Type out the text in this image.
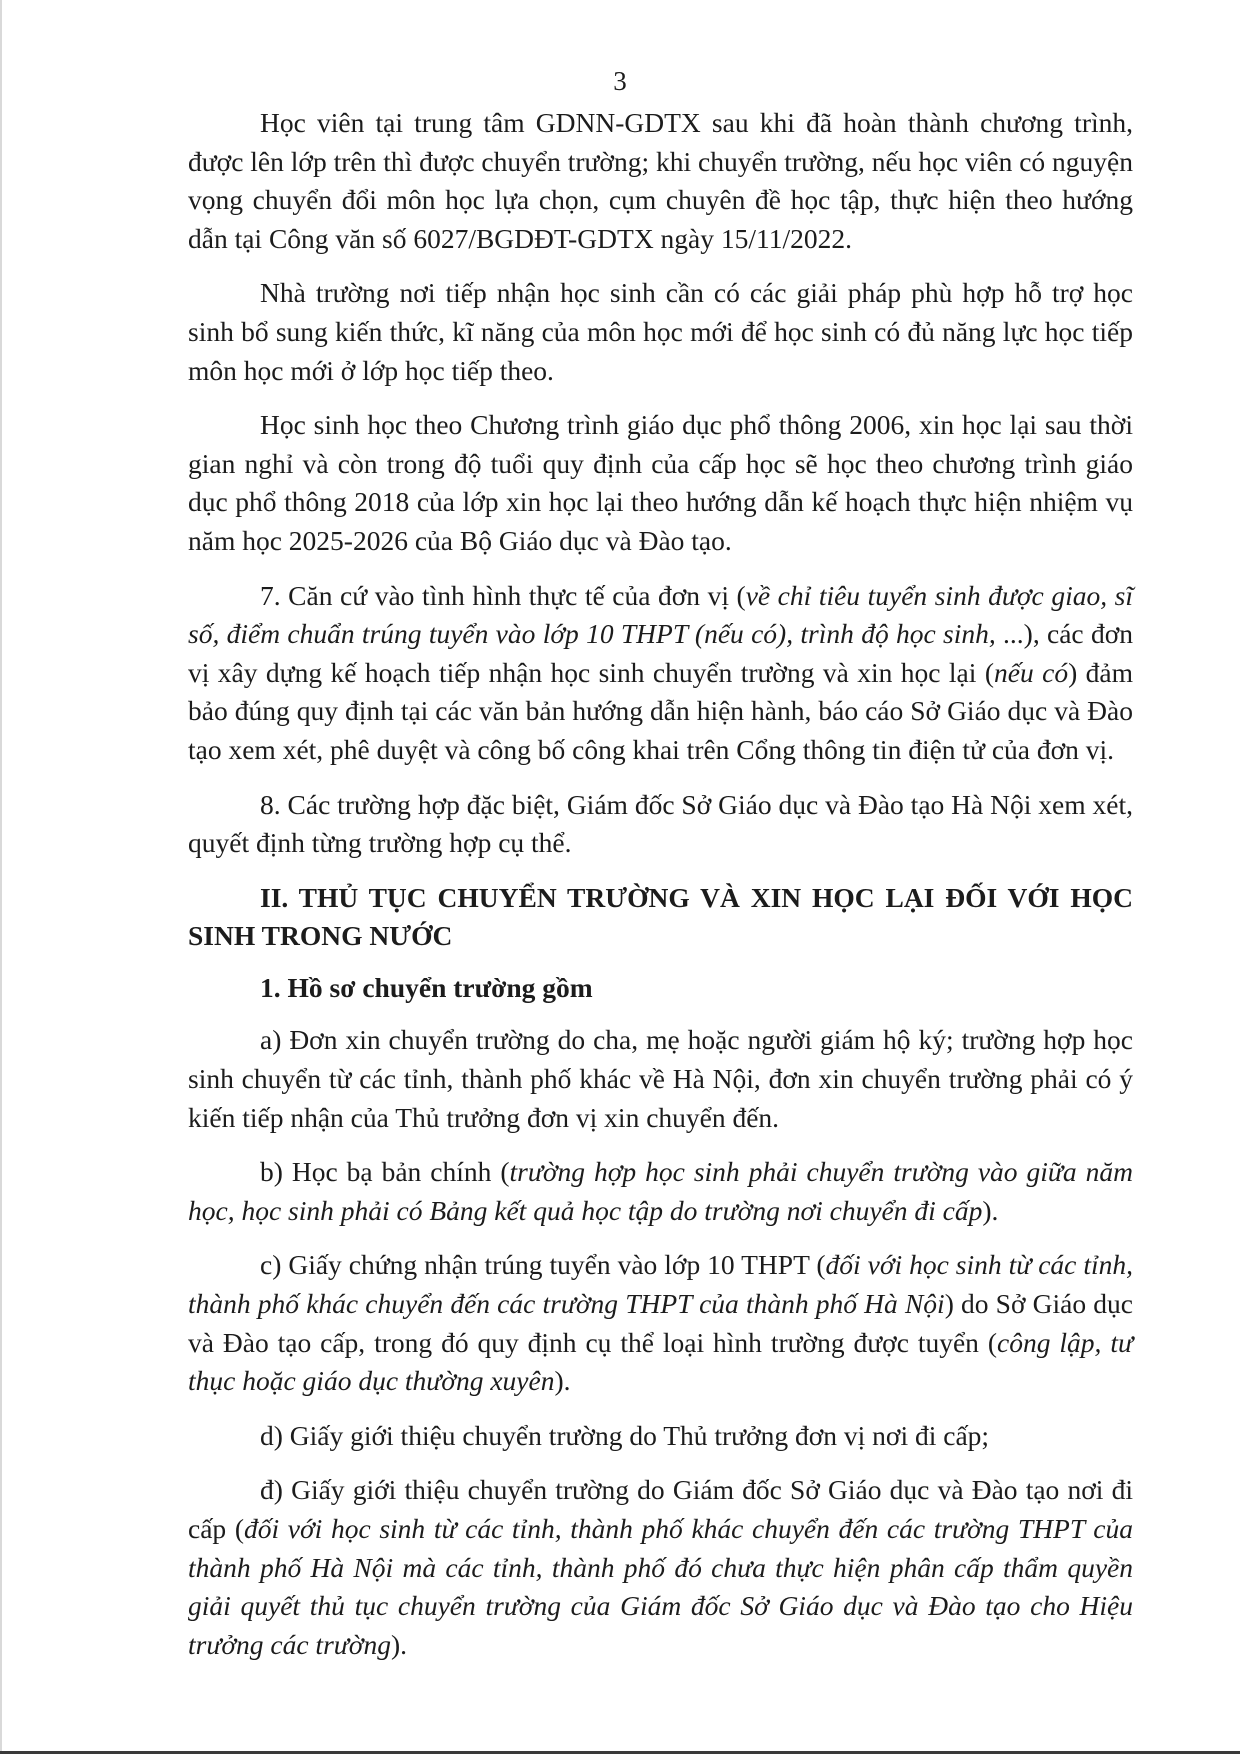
3

Học viên tại trung tâm GDNN-GDTX sau khi đã hoàn thành chương trình, được lên lớp trên thì được chuyển trường; khi chuyển trường, nếu học viên có nguyện vọng chuyển đổi môn học lựa chọn, cụm chuyên đề học tập, thực hiện theo hướng dẫn tại Công văn số 6027/BGDĐT-GDTX ngày 15/11/2022.

Nhà trường nơi tiếp nhận học sinh cần có các giải pháp phù hợp hỗ trợ học sinh bổ sung kiến thức, kĩ năng của môn học mới để học sinh có đủ năng lực học tiếp môn học mới ở lớp học tiếp theo.

Học sinh học theo Chương trình giáo dục phổ thông 2006, xin học lại sau thời gian nghỉ và còn trong độ tuổi quy định của cấp học sẽ học theo chương trình giáo dục phổ thông 2018 của lớp xin học lại theo hướng dẫn kế hoạch thực hiện nhiệm vụ năm học 2025-2026 của Bộ Giáo dục và Đào tạo.

7. Căn cứ vào tình hình thực tế của đơn vị (về chỉ tiêu tuyển sinh được giao, sĩ số, điểm chuẩn trúng tuyển vào lớp 10 THPT (nếu có), trình độ học sinh, ...), các đơn vị xây dựng kế hoạch tiếp nhận học sinh chuyển trường và xin học lại (nếu có) đảm bảo đúng quy định tại các văn bản hướng dẫn hiện hành, báo cáo Sở Giáo dục và Đào tạo xem xét, phê duyệt và công bố công khai trên Cổng thông tin điện tử của đơn vị.

8. Các trường hợp đặc biệt, Giám đốc Sở Giáo dục và Đào tạo Hà Nội xem xét, quyết định từng trường hợp cụ thể.

II. THỦ TỤC CHUYỂN TRƯỜNG VÀ XIN HỌC LẠI ĐỐI VỚI HỌC SINH TRONG NƯỚC

1. Hồ sơ chuyển trường gồm

a) Đơn xin chuyển trường do cha, mẹ hoặc người giám hộ ký; trường hợp học sinh chuyển từ các tỉnh, thành phố khác về Hà Nội, đơn xin chuyển trường phải có ý kiến tiếp nhận của Thủ trưởng đơn vị xin chuyển đến.

b) Học bạ bản chính (trường hợp học sinh phải chuyển trường vào giữa năm học, học sinh phải có Bảng kết quả học tập do trường nơi chuyển đi cấp).

c) Giấy chứng nhận trúng tuyển vào lớp 10 THPT (đối với học sinh từ các tỉnh, thành phố khác chuyển đến các trường THPT của thành phố Hà Nội) do Sở Giáo dục và Đào tạo cấp, trong đó quy định cụ thể loại hình trường được tuyển (công lập, tư thục hoặc giáo dục thường xuyên).

d) Giấy giới thiệu chuyển trường do Thủ trưởng đơn vị nơi đi cấp;

đ) Giấy giới thiệu chuyển trường do Giám đốc Sở Giáo dục và Đào tạo nơi đi cấp (đối với học sinh từ các tỉnh, thành phố khác chuyển đến các trường THPT của thành phố Hà Nội mà các tỉnh, thành phố đó chưa thực hiện phân cấp thẩm quyền giải quyết thủ tục chuyển trường của Giám đốc Sở Giáo dục và Đào tạo cho Hiệu trưởng các trường).
